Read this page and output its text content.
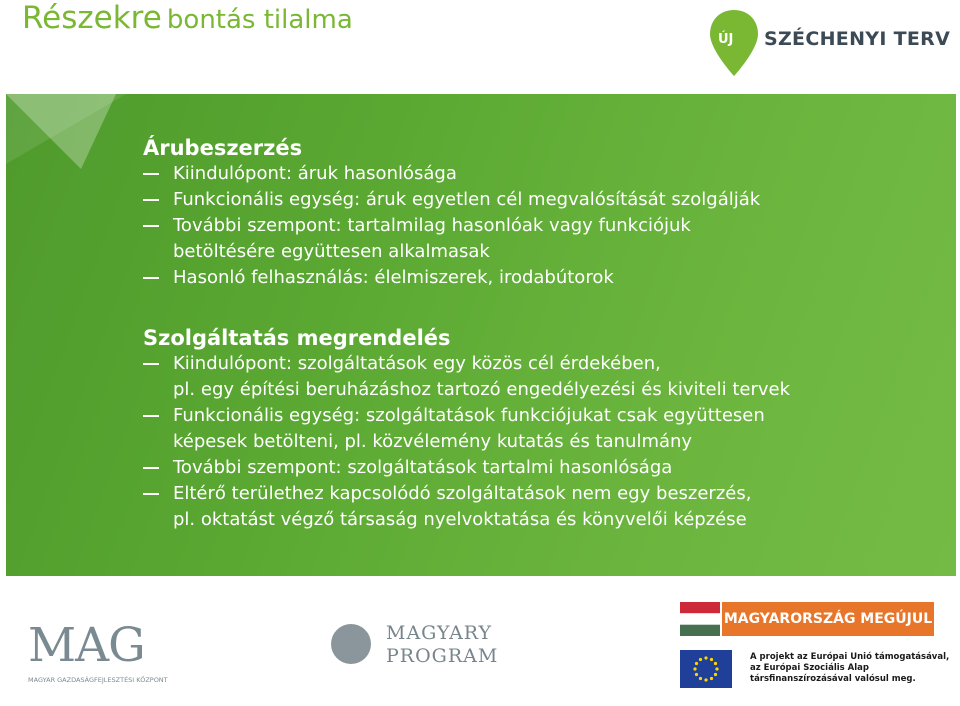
Részekre bontás tilalma
ÚJ SZÉCHENYI TERV
Árubeszerzés
Kiindulópont: áruk hasonlósága
Funkcionális egység: áruk egyetlen cél megvalósítását szolgálják
További szempont: tartalmilag hasonlóak vagy funkciójuk
betöltésére együttesen alkalmasak
Hasonló felhasználás: élelmiszerek, irodabútorok
Szolgáltatás megrendelés
Kiindulópont: szolgáltatások egy közös cél érdekében,
pl. egy építési beruházáshoz tartozó engedélyezési és kiviteli tervek
Funkcionális egység: szolgáltatások funkciójukat csak együttesen
képesek betölteni, pl. közvélemény kutatás és tanulmány
További szempont: szolgáltatások tartalmi hasonlósága
Eltérő területhez kapcsolódó szolgáltatások nem egy beszerzés,
pl. oktatást végző társaság nyelvoktatása és könyvelői képzése
MAG
MAGYAR GAZDASÁGFEJLESZTÉSI KÖZPONT
MAGYARY
PROGRAM
MAGYARORSZÁG MEGÚJUL
A projekt az Európai Unió támogatásával,
az Európai Szociális Alap
társfinanszírozásával valósul meg.
